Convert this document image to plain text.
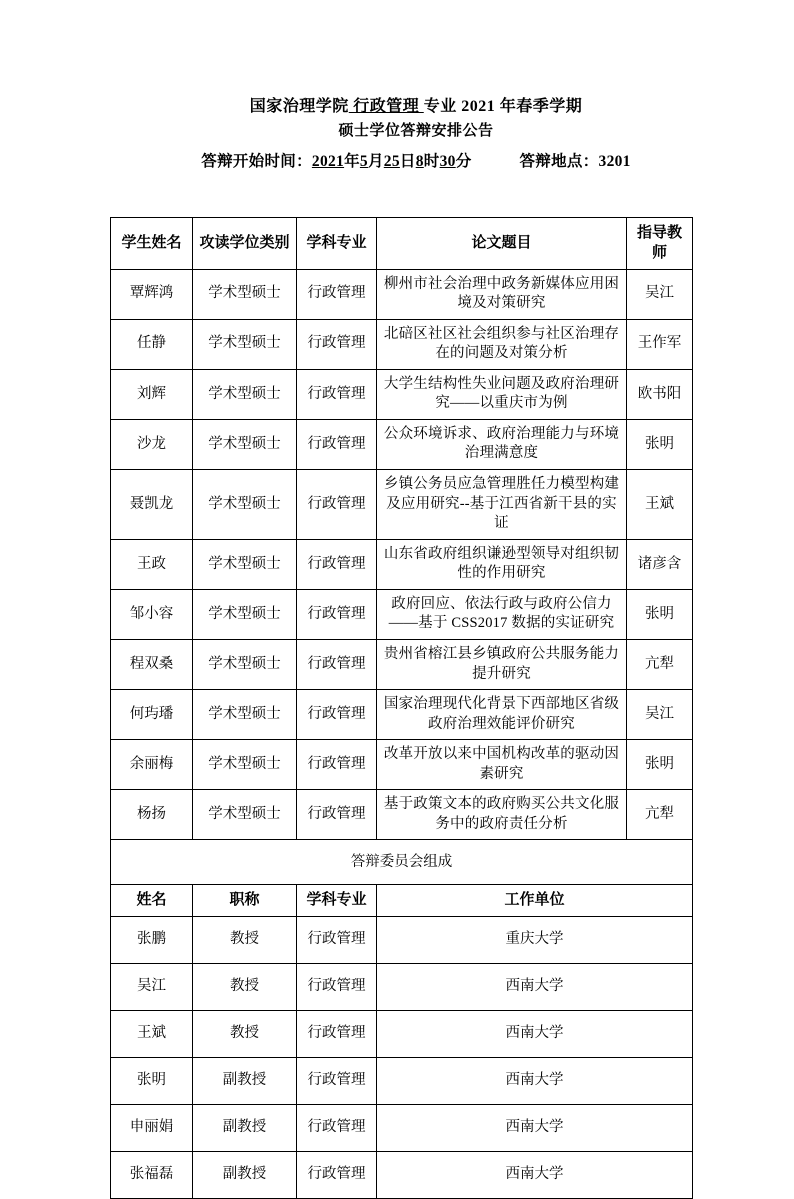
国家治理学院 行政管理 专业 2021 年春季学期
硕士学位答辩安排公告
答辩开始时间：2021年5月25日8时30分	答辩地点：3201
学生姓名	攻读学位类别	学科专业	论文题目	指导教师
覃辉鸿	学术型硕士	行政管理	柳州市社会治理中政务新媒体应用困境及对策研究	吴江
任静	学术型硕士	行政管理	北碚区社区社会组织参与社区治理存在的问题及对策分析	王作军
刘辉	学术型硕士	行政管理	大学生结构性失业问题及政府治理研究——以重庆市为例	欧书阳
沙龙	学术型硕士	行政管理	公众环境诉求、政府治理能力与环境治理满意度	张明
聂凯龙	学术型硕士	行政管理	乡镇公务员应急管理胜任力模型构建及应用研究--基于江西省新干县的实证	王斌
王政	学术型硕士	行政管理	山东省政府组织谦逊型领导对组织韧性的作用研究	诸彦含
邹小容	学术型硕士	行政管理	政府回应、依法行政与政府公信力——基于 CSS2017 数据的实证研究	张明
程双桑	学术型硕士	行政管理	贵州省榕江县乡镇政府公共服务能力提升研究	亢犁
何玙璠	学术型硕士	行政管理	国家治理现代化背景下西部地区省级政府治理效能评价研究	吴江
余丽梅	学术型硕士	行政管理	改革开放以来中国机构改革的驱动因素研究	张明
杨扬	学术型硕士	行政管理	基于政策文本的政府购买公共文化服务中的政府责任分析	亢犁
答辩委员会组成				
姓名	职称	学科专业	工作单位	
张鹏	教授	行政管理	重庆大学	
吴江	教授	行政管理	西南大学	
王斌	教授	行政管理	西南大学	
张明	副教授	行政管理	西南大学	
申丽娟	副教授	行政管理	西南大学	
张福磊	副教授	行政管理	西南大学	
